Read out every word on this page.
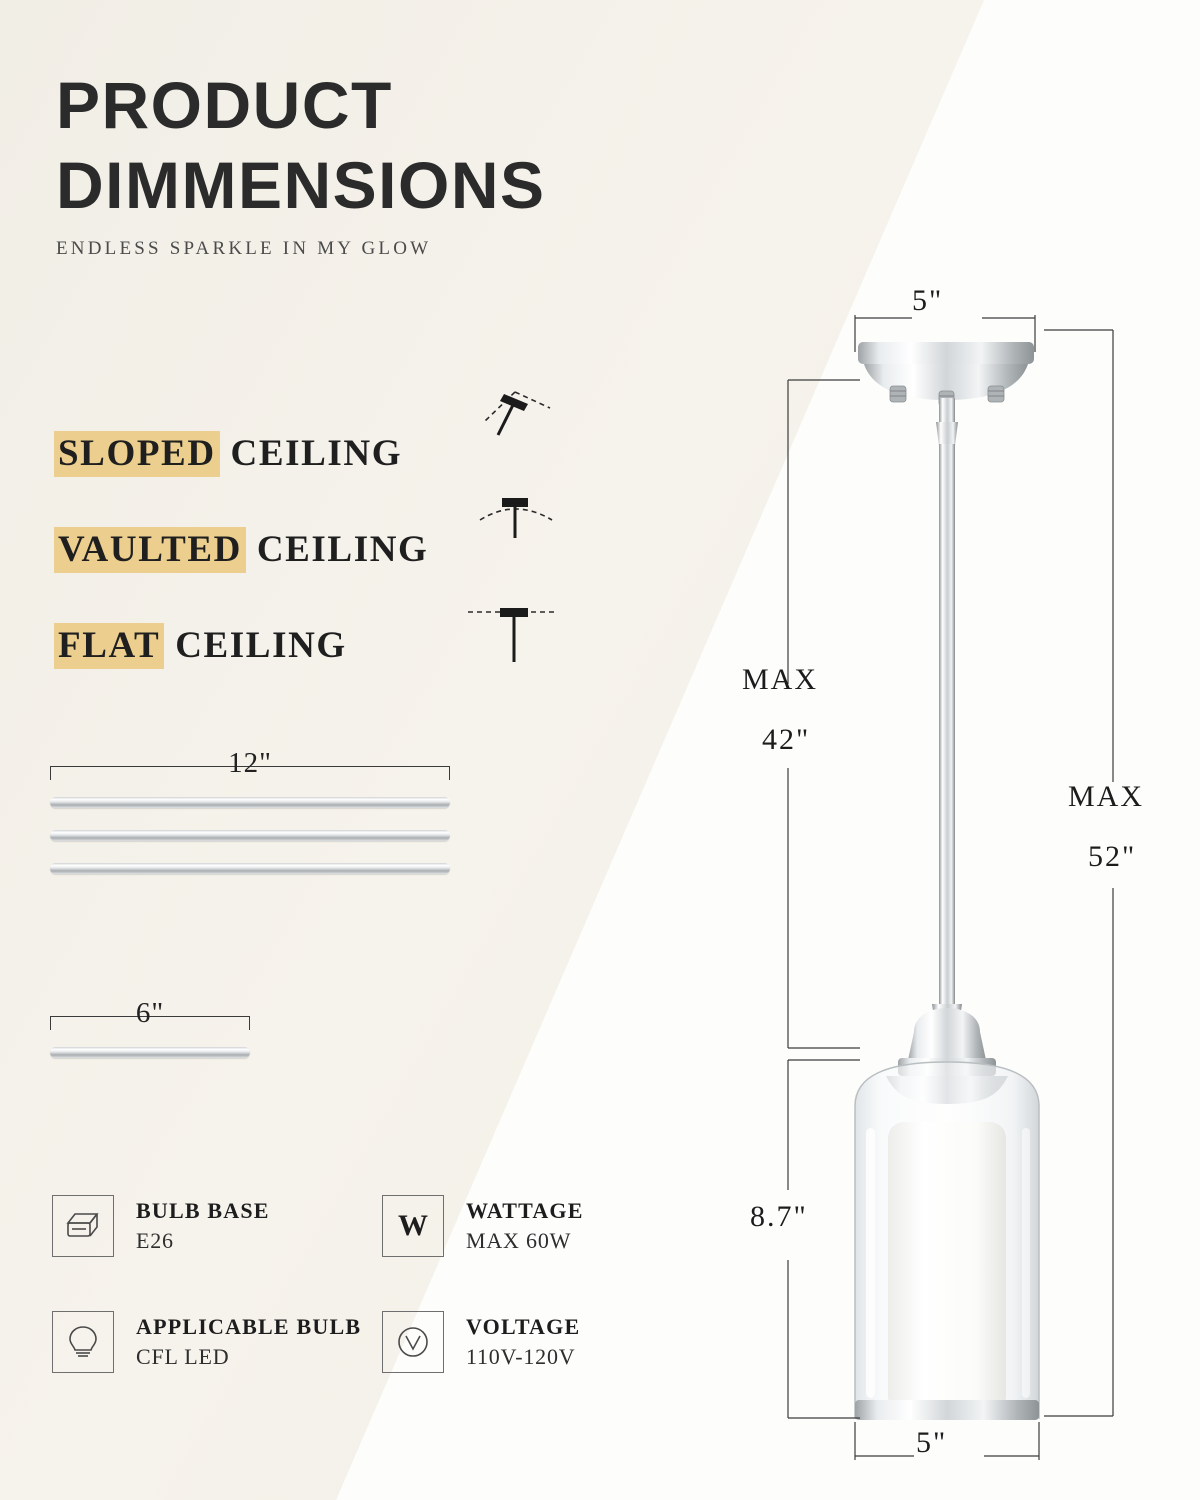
PRODUCT
DIMMENSIONS
ENDLESS SPARKLE IN MY GLOW
SLOPED CEILING
VAULTED CEILING
FLAT CEILING
12"
6"
BULB BASE
E26	W WATTAGE
MAX 60W
APPLICABLE BULB
CFL LED
VOLTAGE
110V-120V
5"
MAX
42"
MAX
52"
8.7"
5"
